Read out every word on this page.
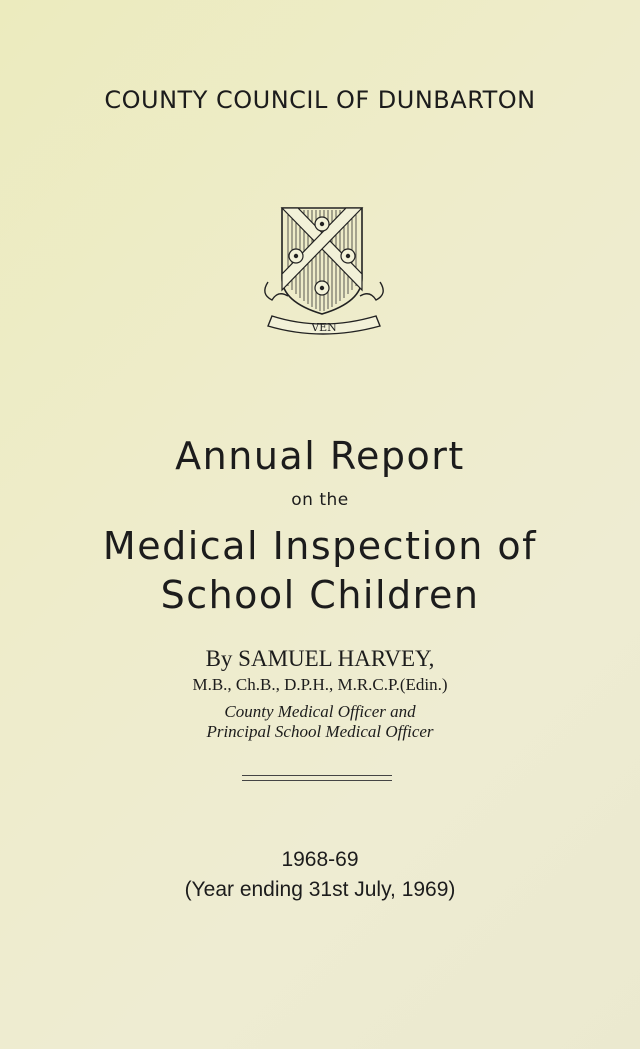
COUNTY COUNCIL OF DUNBARTON
VEN
Annual Report
on the
Medical Inspection of
School Children
By SAMUEL HARVEY,
M.B., Ch.B., D.P.H., M.R.C.P.(Edin.)
County Medical Officer and
Principal School Medical Officer
1968-69
(Year ending 31st July, 1969)
